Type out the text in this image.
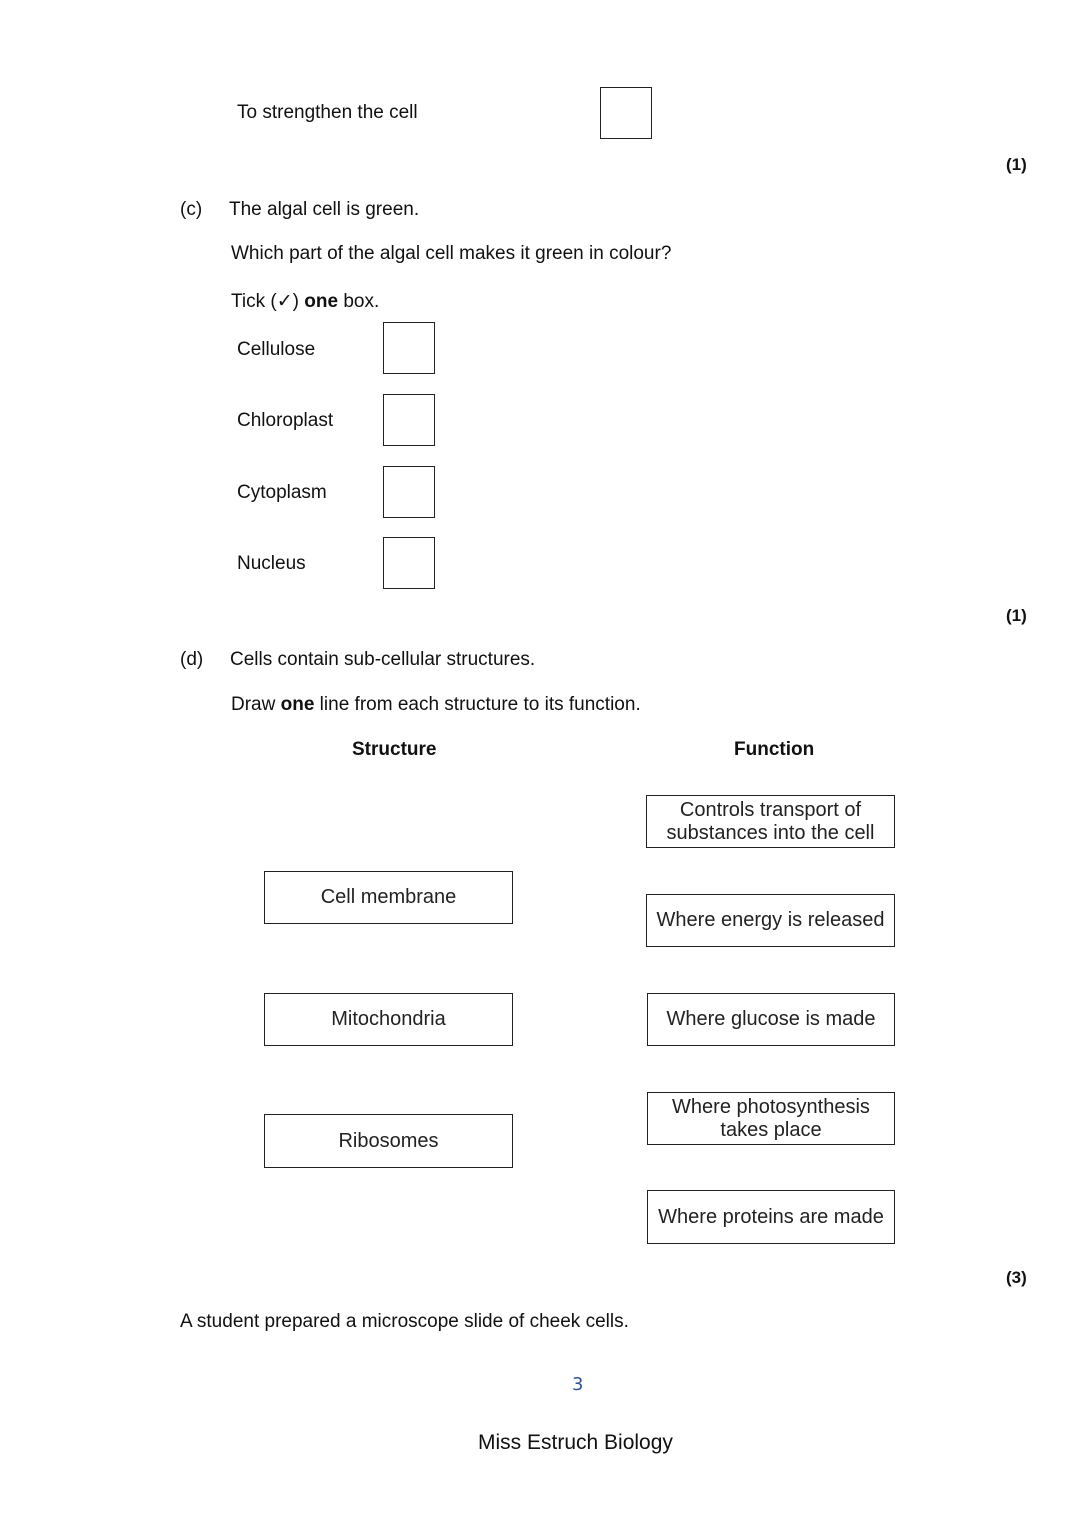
To strengthen the cell
(1)
(c) The algal cell is green.
Which part of the algal cell makes it green in colour?
Tick (✓) one box.
Cellulose
Chloroplast
Cytoplasm
Nucleus
(1)
(d) Cells contain sub-cellular structures.
Draw one line from each structure to its function.
Structure	Function
Cell membrane
Mitochondria
Ribosomes
Controls transport of
substances into the cell
Where energy is released
Where glucose is made
Where photosynthesis
takes place
Where proteins are made
(3)
A student prepared a microscope slide of cheek cells.
3
Miss Estruch Biology
